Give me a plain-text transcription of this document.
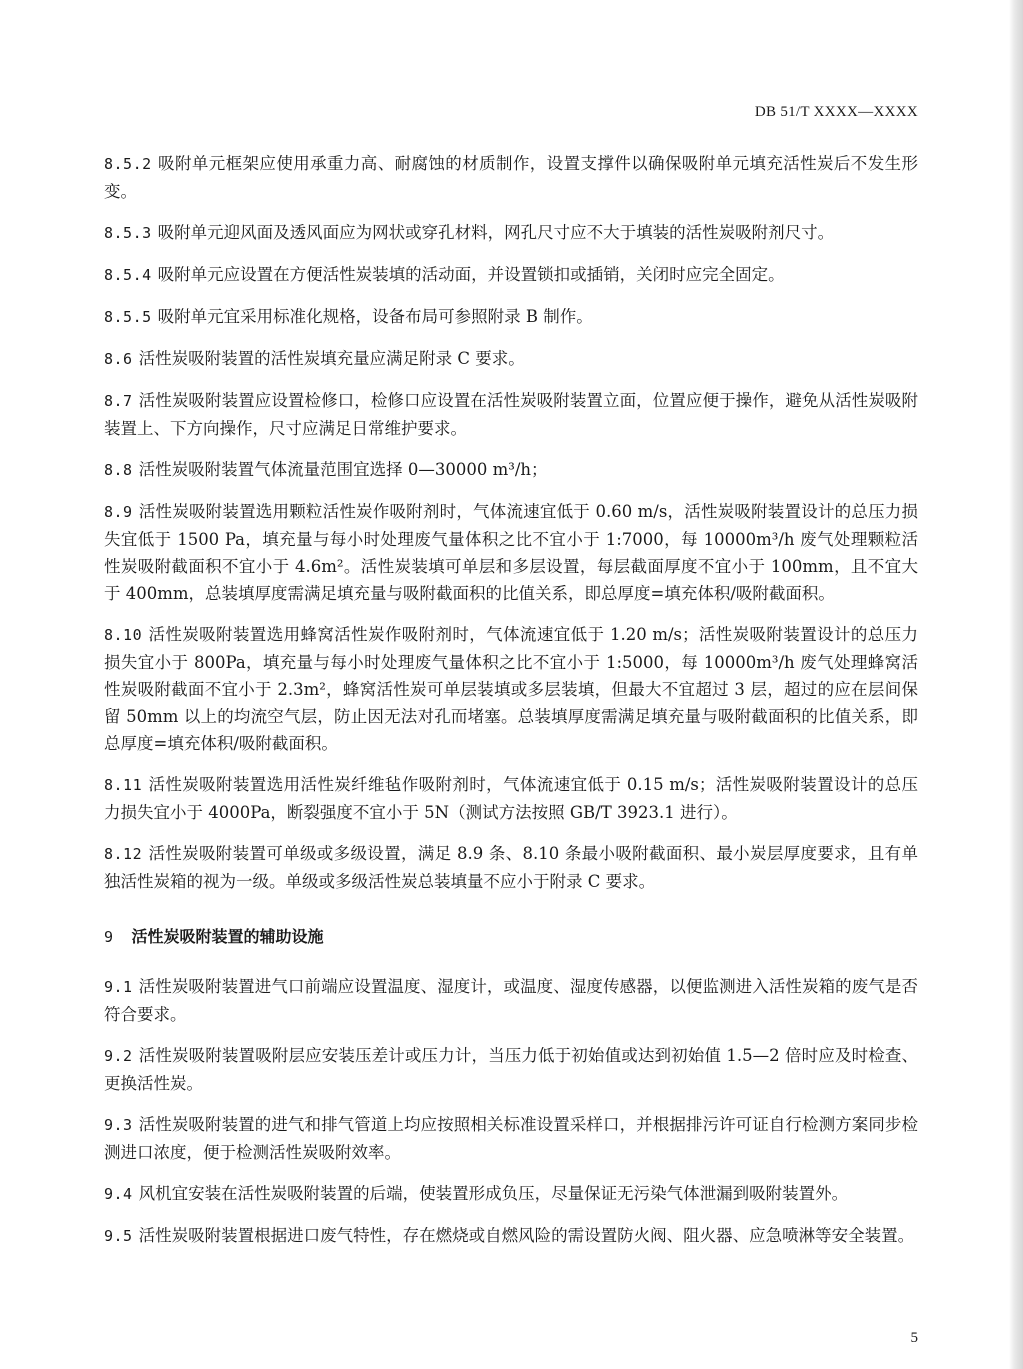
DB 51/T XXXX—XXXX

8.5.2 吸附单元框架应使用承重力高、耐腐蚀的材质制作，设置支撑件以确保吸附单元填充活性炭后不发生形变。

8.5.3 吸附单元迎风面及透风面应为网状或穿孔材料，网孔尺寸应不大于填装的活性炭吸附剂尺寸。

8.5.4 吸附单元应设置在方便活性炭装填的活动面，并设置锁扣或插销，关闭时应完全固定。

8.5.5 吸附单元宜采用标准化规格，设备布局可参照附录 B 制作。

8.6 活性炭吸附装置的活性炭填充量应满足附录 C 要求。

8.7 活性炭吸附装置应设置检修口，检修口应设置在活性炭吸附装置立面，位置应便于操作，避免从活性炭吸附装置上、下方向操作，尺寸应满足日常维护要求。

8.8 活性炭吸附装置气体流量范围宜选择 0—30000 m³/h；

8.9 活性炭吸附装置选用颗粒活性炭作吸附剂时，气体流速宜低于 0.60 m/s，活性炭吸附装置设计的总压力损失宜低于 1500 Pa，填充量与每小时处理废气量体积之比不宜小于 1:7000，每 10000m³/h 废气处理颗粒活性炭吸附截面积不宜小于 4.6m²。活性炭装填可单层和多层设置，每层截面厚度不宜小于 100mm，且不宜大于 400mm，总装填厚度需满足填充量与吸附截面积的比值关系，即总厚度=填充体积/吸附截面积。

8.10 活性炭吸附装置选用蜂窝活性炭作吸附剂时，气体流速宜低于 1.20 m/s；活性炭吸附装置设计的总压力损失宜小于 800Pa，填充量与每小时处理废气量体积之比不宜小于 1:5000，每 10000m³/h 废气处理蜂窝活性炭吸附截面不宜小于 2.3m²，蜂窝活性炭可单层装填或多层装填，但最大不宜超过 3 层，超过的应在层间保留 50mm 以上的均流空气层，防止因无法对孔而堵塞。总装填厚度需满足填充量与吸附截面积的比值关系，即总厚度=填充体积/吸附截面积。

8.11 活性炭吸附装置选用活性炭纤维毡作吸附剂时，气体流速宜低于 0.15 m/s；活性炭吸附装置设计的总压力损失宜小于 4000Pa，断裂强度不宜小于 5N（测试方法按照 GB/T 3923.1 进行）。

8.12 活性炭吸附装置可单级或多级设置，满足 8.9 条、8.10 条最小吸附截面积、最小炭层厚度要求，且有单独活性炭箱的视为一级。单级或多级活性炭总装填量不应小于附录 C 要求。

9 活性炭吸附装置的辅助设施

9.1 活性炭吸附装置进气口前端应设置温度、湿度计，或温度、湿度传感器，以便监测进入活性炭箱的废气是否符合要求。

9.2 活性炭吸附装置吸附层应安装压差计或压力计，当压力低于初始值或达到初始值 1.5—2 倍时应及时检查、更换活性炭。

9.3 活性炭吸附装置的进气和排气管道上均应按照相关标准设置采样口，并根据排污许可证自行检测方案同步检测进口浓度，便于检测活性炭吸附效率。

9.4 风机宜安装在活性炭吸附装置的后端，使装置形成负压，尽量保证无污染气体泄漏到吸附装置外。

9.5 活性炭吸附装置根据进口废气特性，存在燃烧或自燃风险的需设置防火阀、阻火器、应急喷淋等安全装置。

5
